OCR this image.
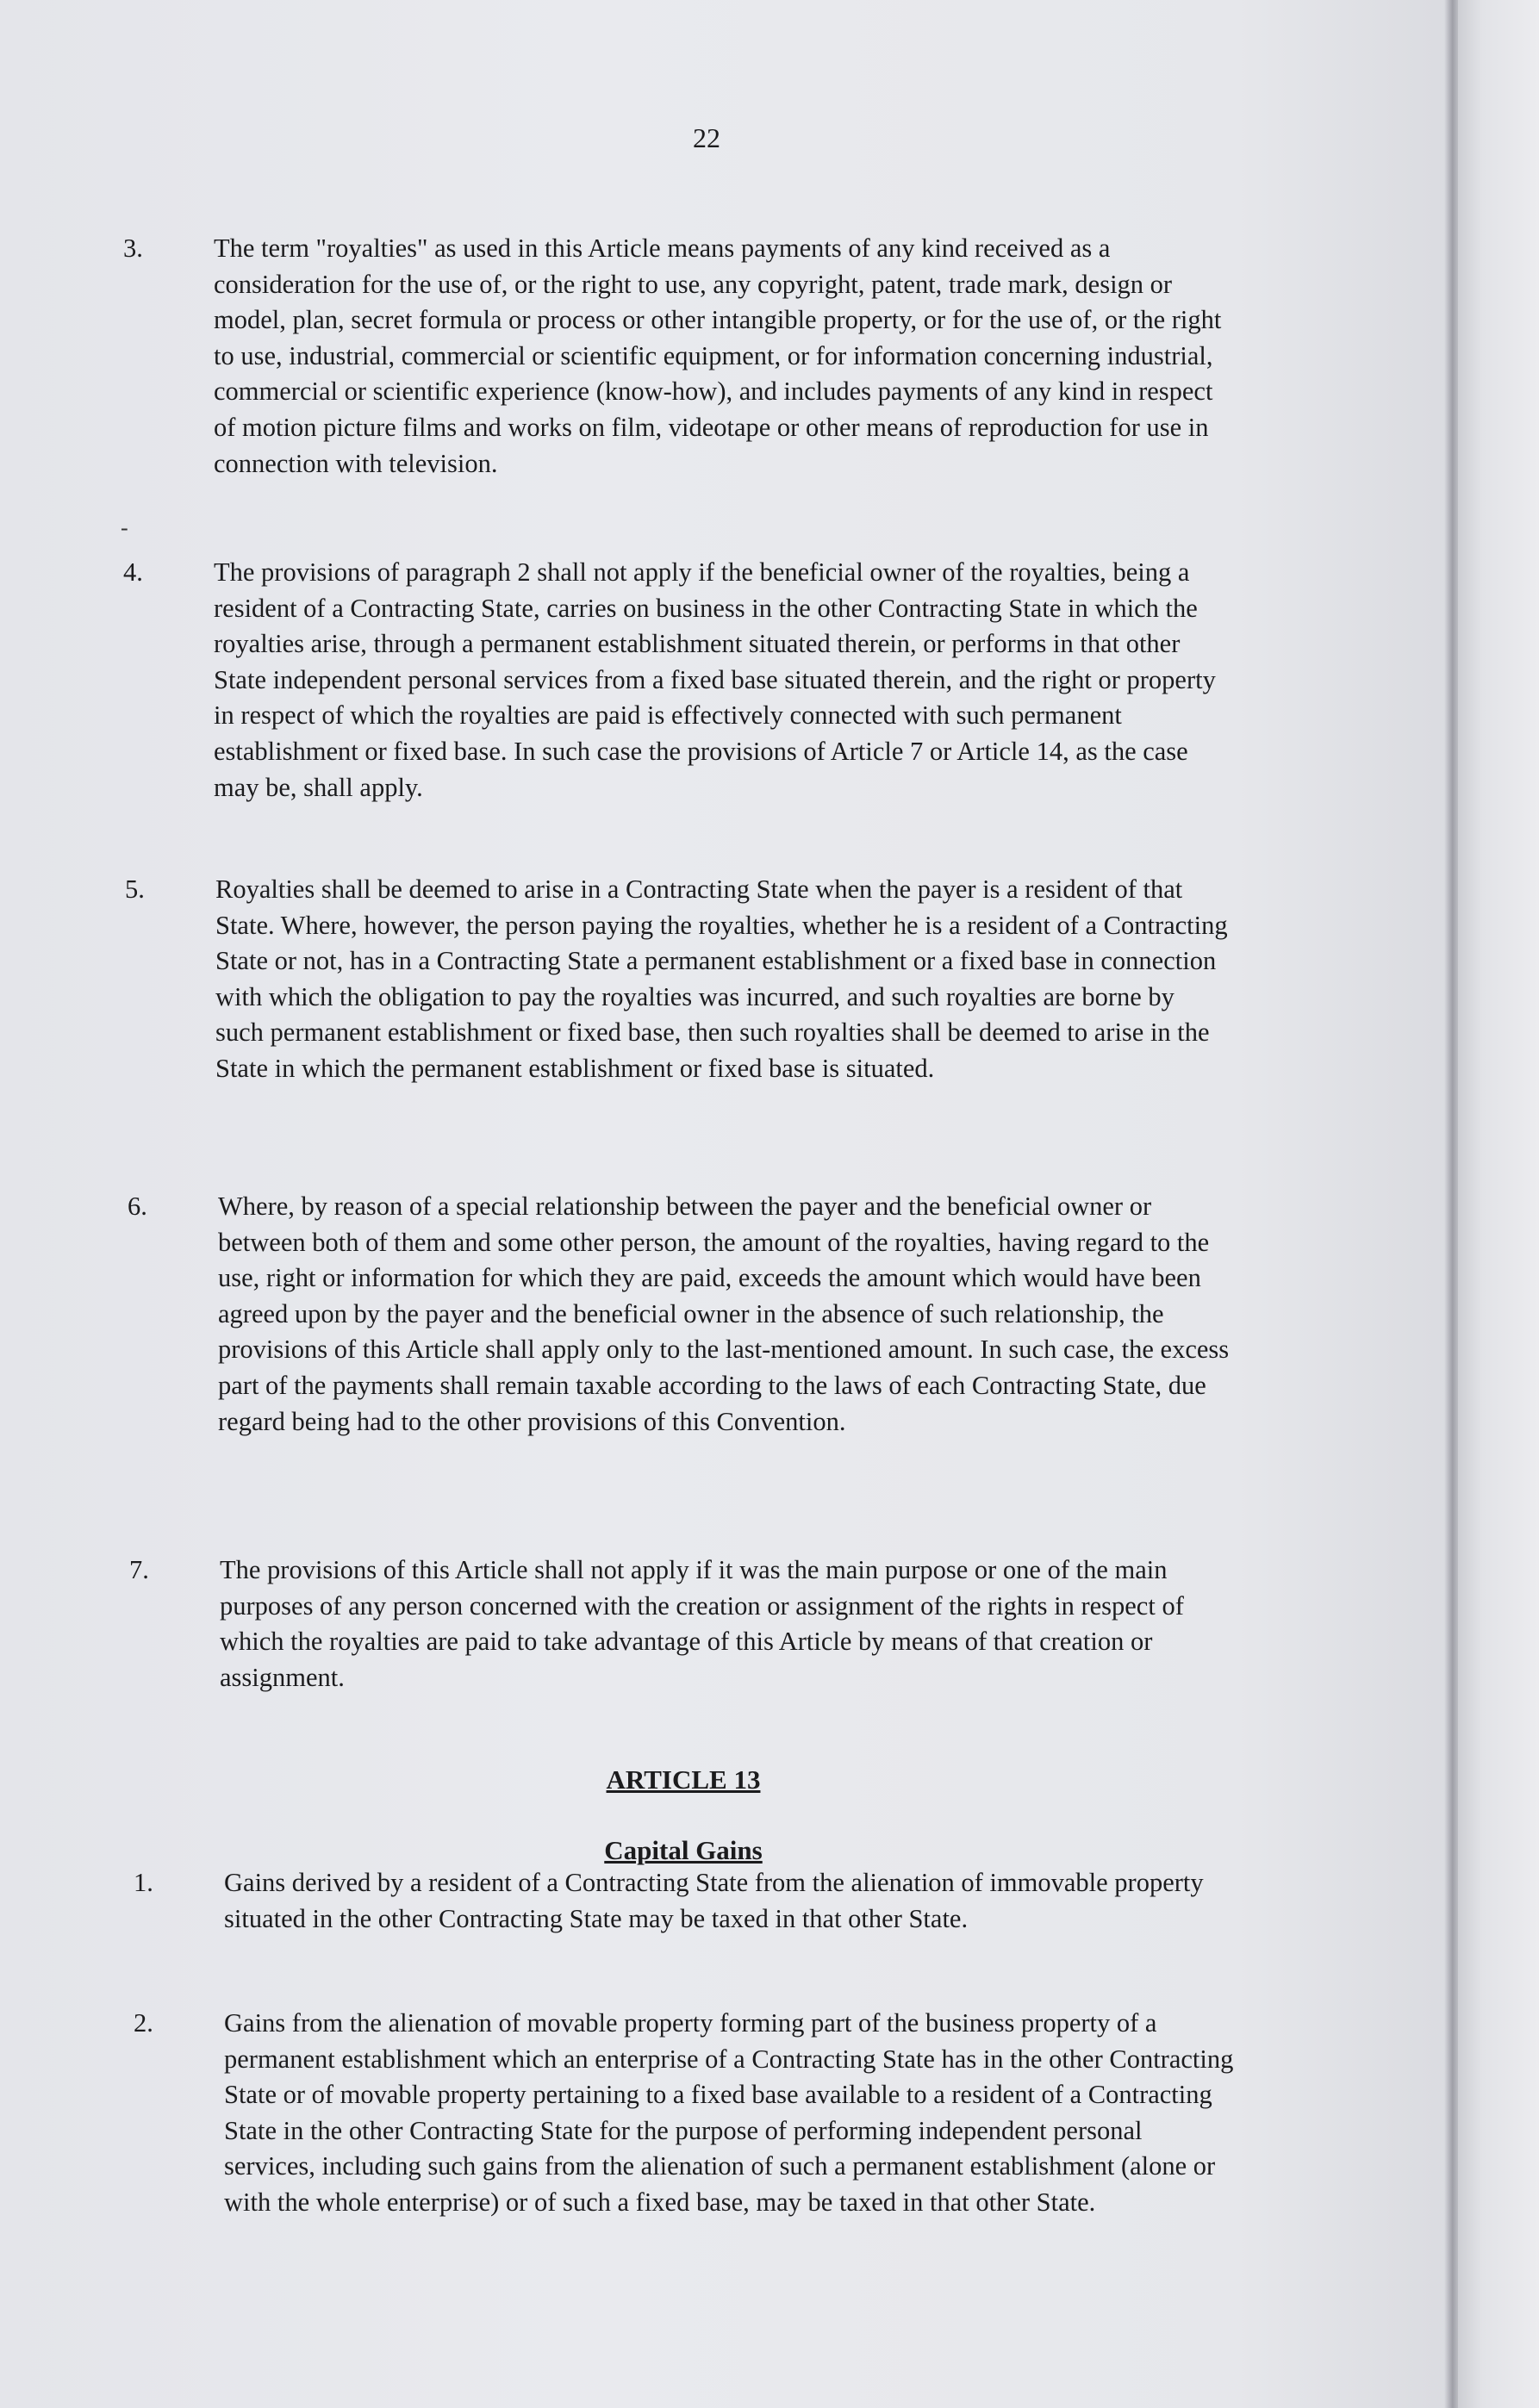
22
-
3.	The term "royalties" as used in this Article means payments of any kind received as a consideration for the use of, or the right to use, any copyright, patent, trade mark, design or model, plan, secret formula or process or other intangible property, or for the use of, or the right to use, industrial, commercial or scientific equipment, or for information concerning industrial, commercial or scientific experience (know-how), and includes payments of any kind in respect of motion picture films and works on film, videotape or other means of reproduction for use in connection with television.
4.	The provisions of paragraph 2 shall not apply if the beneficial owner of the royalties, being a resident of a Contracting State, carries on business in the other Contracting State in which the royalties arise, through a permanent establishment situated therein, or performs in that other State independent personal services from a fixed base situated therein, and the right or property in respect of which the royalties are paid is effectively connected with such permanent establishment or fixed base. In such case the provisions of Article 7 or Article 14, as the case may be, shall apply.
5.	Royalties shall be deemed to arise in a Contracting State when the payer is a resident of that State. Where, however, the person paying the royalties, whether he is a resident of a Contracting State or not, has in a Contracting State a permanent establishment or a fixed base in connection with which the obligation to pay the royalties was incurred, and such royalties are borne by such permanent establishment or fixed base, then such royalties shall be deemed to arise in the State in which the permanent establishment or fixed base is situated.
6.	Where, by reason of a special relationship between the payer and the beneficial owner or between both of them and some other person, the amount of the royalties, having regard to the use, right or information for which they are paid, exceeds the amount which would have been agreed upon by the payer and the beneficial owner in the absence of such relationship, the provisions of this Article shall apply only to the last-mentioned amount. In such case, the excess part of the payments shall remain taxable according to the laws of each Contracting State, due regard being had to the other provisions of this Convention.
7.	The provisions of this Article shall not apply if it was the main purpose or one of the main purposes of any person concerned with the creation or assignment of the rights in respect of which the royalties are paid to take advantage of this Article by means of that creation or assignment.
ARTICLE 13
Capital Gains
1.	Gains derived by a resident of a Contracting State from the alienation of immovable property situated in the other Contracting State may be taxed in that other State.
2.	Gains from the alienation of movable property forming part of the business property of a permanent establishment which an enterprise of a Contracting State has in the other Contracting State or of movable property pertaining to a fixed base available to a resident of a Contracting State in the other Contracting State for the purpose of performing independent personal services, including such gains from the alienation of such a permanent establishment (alone or with the whole enterprise) or of such a fixed base, may be taxed in that other State.
